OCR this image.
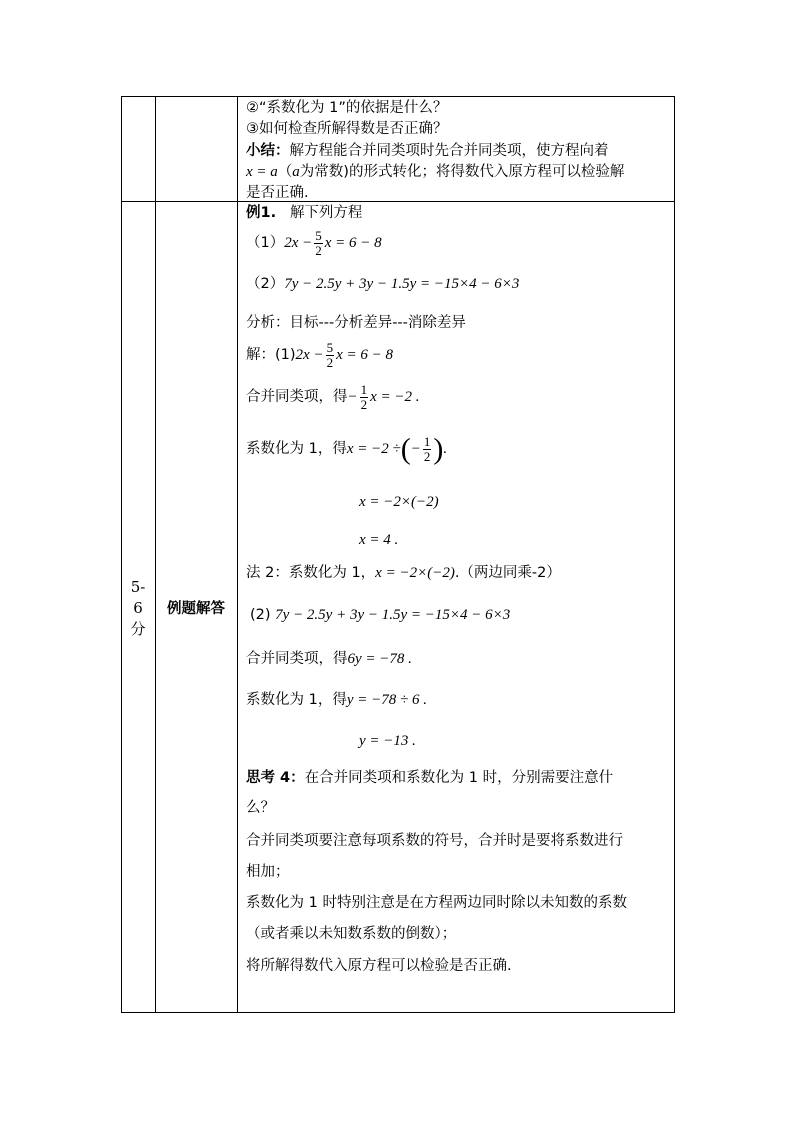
②“系数化为 1”的依据是什么？
③如何检查所解得数是否正确？
小结：解方程能合并同类项时先合并同类项，使方程向着
x = a（a为常数)的形式转化；将得数代入原方程可以检验解
是否正确.
5-
6
分
例题解答
例1. 解下列方程
$(1)2x - \frac{5}{2}$ x = 6 − 8
（2）7y − 2.5y + 3y − 1.5y = −15×4 − 6×3
分析：目标---分析差异---消除差异
解：$(1)2x - \frac{5}{2}$ x = 6 − 8
合并同类项，得− $\frac{1}{2}$ x = −2 .
系数化为 1，得x = −2 ÷(− $\frac{1}{2}$ ).
x = −2×(−2)
x = 4 .
法 2：系数化为 1，x = −2×(−2).（两边同乘-2）
(2) 7y − 2.5y + 3y − 1.5y = −15×4 − 6×3
合并同类项，得6y = −78 .
系数化为 1，得y = −78 ÷ 6 .
y = −13 .
思考 4：在合并同类项和系数化为 1 时，分别需要注意什
么？
合并同类项要注意每项系数的符号，合并时是要将系数进行
相加；
系数化为 1 时特别注意是在方程两边同时除以未知数的系数
（或者乘以未知数系数的倒数）；
将所解得数代入原方程可以检验是否正确.
